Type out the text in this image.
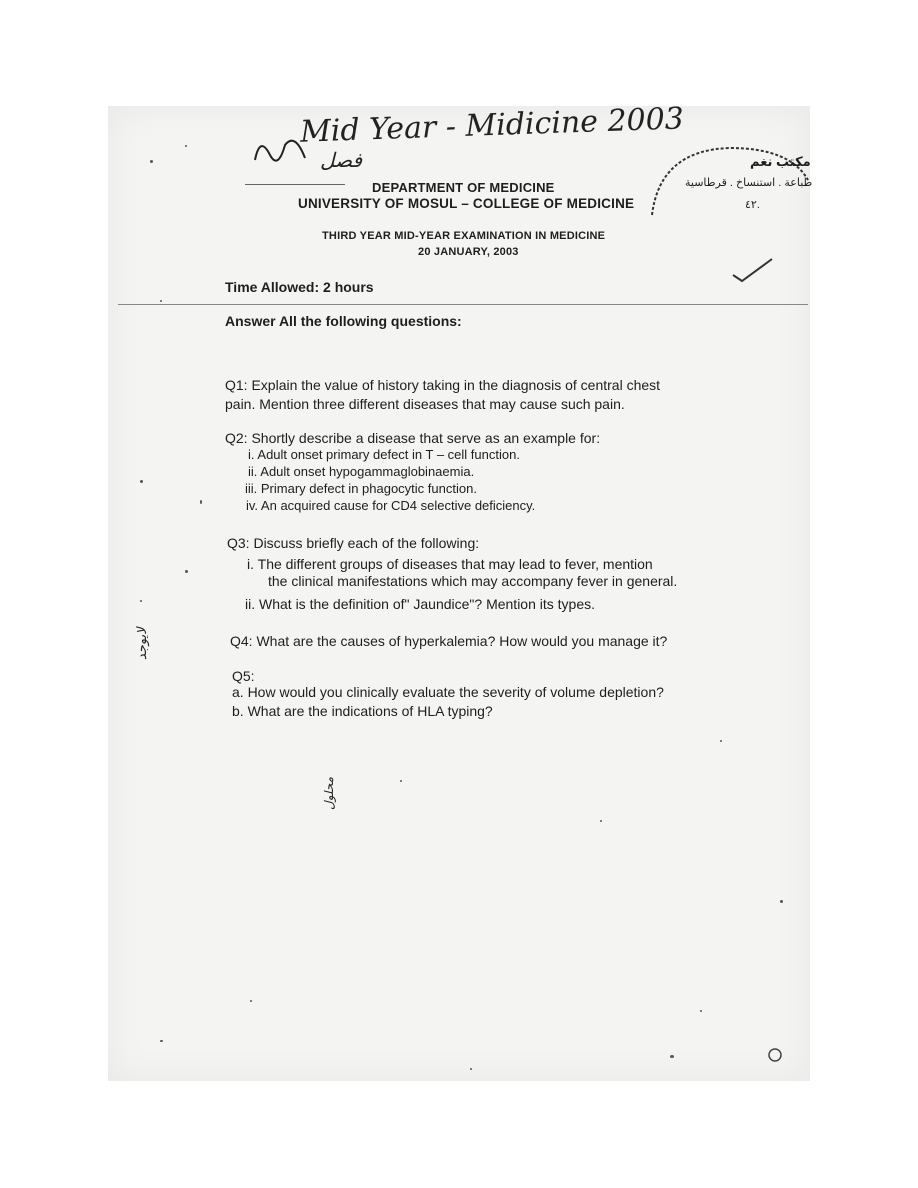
Mid Year - Midicine 2003
فصل
لايوجد
محلول
مكتب نغم
طباعة . استنساخ . قرطاسية
٤٢.
DEPARTMENT OF MEDICINE
UNIVERSITY OF MOSUL – COLLEGE OF MEDICINE
THIRD YEAR MID-YEAR EXAMINATION IN MEDICINE
20 JANUARY, 2003
Time Allowed: 2 hours
Answer All the following questions:
Q1: Explain the value of history taking in the diagnosis of central chest
pain. Mention three different diseases that may cause such pain.
Q2: Shortly describe a disease that serve as an example for:
i. Adult onset primary defect in T – cell function.
ii. Adult onset hypogammaglobinaemia.
iii. Primary defect in phagocytic function.
iv. An acquired cause for CD4 selective deficiency.
Q3: Discuss briefly each of the following:
i. The different groups of diseases that may lead to fever, mention
the clinical manifestations which may accompany fever in general.
ii. What is the definition of" Jaundice"? Mention its types.
Q4: What are the causes of hyperkalemia? How would you manage it?
Q5:
a. How would you clinically evaluate the severity of volume depletion?
b. What are the indications of HLA typing?
